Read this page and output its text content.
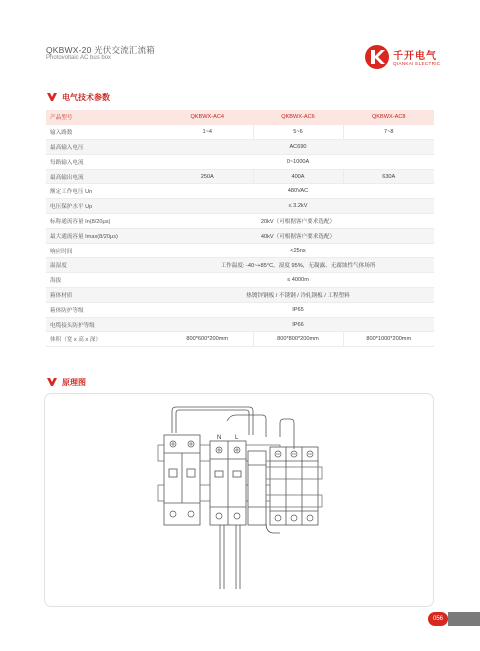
QKBWX-20 光伏交流汇流箱
Photovoltaic AC bus box	千开电气
QIANKAI ELECTRIC
电气技术参数
产品型号	QKBWX-AC4	QKBWX-AC6	QKBWX-AC8
输入路数	1~4	5~6	7~8
最高输入电压	AC690		
每路输入电流	0~1000A		
最高输出电流	250A	400A	630A
额定工作电压 Un	480VAC		
电压保护水平 Up	≤ 3.2kV		
标称通流容量 In(8/20μs)	20kV（可根据客户要求选配）		
最大通流容量 Imax(8/20μs)	40kV（可根据客户要求选配）		
响应时间	<25ns		
温湿度	工作温度: -40~+85°C，湿度 95%，无凝露、无腐蚀性气体场所		
海拔	≤ 4000m		
箱体材质	热镀锌钢板 / 不锈钢 / 冷轧钢板 / 工程塑料		
箱体防护等级	IP65		
电缆接头防护等级	IP66		
体积（宽 x 高 x 深）	800*600*200mm	800*800*200mm	800*1000*200mm
原理图
N L
056
